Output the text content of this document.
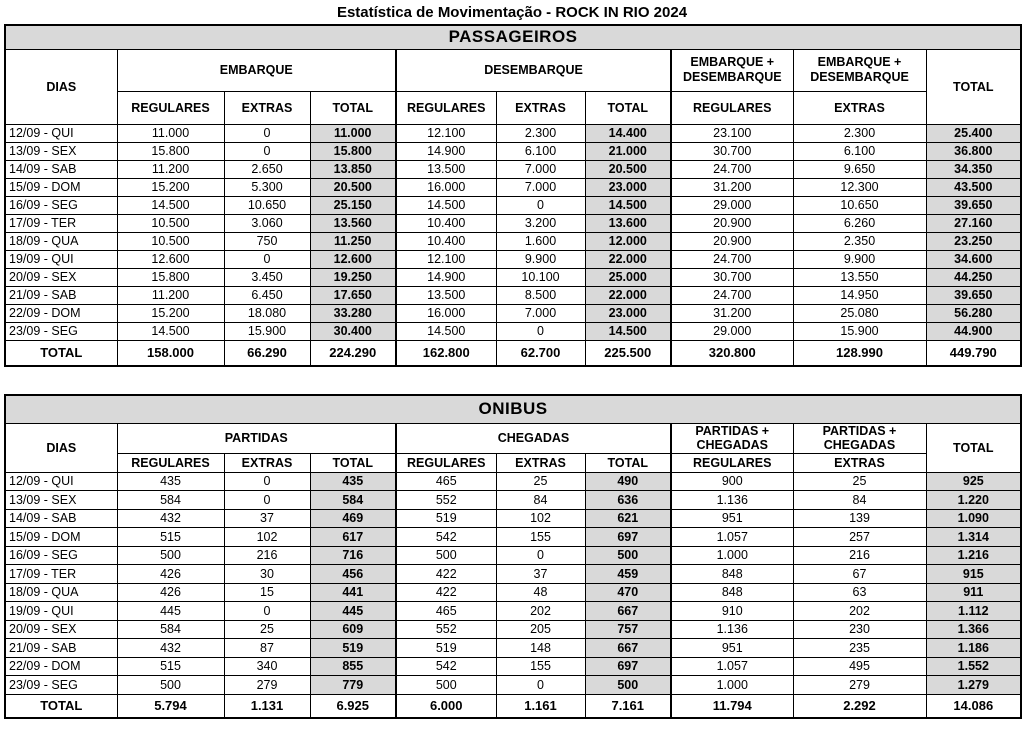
Estatística de Movimentação - ROCK IN RIO 2024
PASSAGEIROS									
DIAS	EMBARQUE			DESEMBARQUE			EMBARQUE + DESEMBARQUE	EMBARQUE + DESEMBARQUE	TOTAL
	REGULARES	EXTRAS	TOTAL	REGULARES	EXTRAS	TOTAL	REGULARES	EXTRAS	
12/09 - QUI	11.000	0	11.000	12.100	2.300	14.400	23.100	2.300	25.400
13/09 - SEX	15.800	0	15.800	14.900	6.100	21.000	30.700	6.100	36.800
14/09 - SAB	11.200	2.650	13.850	13.500	7.000	20.500	24.700	9.650	34.350
15/09 - DOM	15.200	5.300	20.500	16.000	7.000	23.000	31.200	12.300	43.500
16/09 - SEG	14.500	10.650	25.150	14.500	0	14.500	29.000	10.650	39.650
17/09 - TER	10.500	3.060	13.560	10.400	3.200	13.600	20.900	6.260	27.160
18/09 - QUA	10.500	750	11.250	10.400	1.600	12.000	20.900	2.350	23.250
19/09 - QUI	12.600	0	12.600	12.100	9.900	22.000	24.700	9.900	34.600
20/09 - SEX	15.800	3.450	19.250	14.900	10.100	25.000	30.700	13.550	44.250
21/09 - SAB	11.200	6.450	17.650	13.500	8.500	22.000	24.700	14.950	39.650
22/09 - DOM	15.200	18.080	33.280	16.000	7.000	23.000	31.200	25.080	56.280
23/09 - SEG	14.500	15.900	30.400	14.500	0	14.500	29.000	15.900	44.900
TOTAL	158.000	66.290	224.290	162.800	62.700	225.500	320.800	128.990	449.790
ONIBUS									
DIAS	PARTIDAS			CHEGADAS			PARTIDAS + CHEGADAS	PARTIDAS + CHEGADAS	TOTAL
	REGULARES	EXTRAS	TOTAL	REGULARES	EXTRAS	TOTAL	REGULARES	EXTRAS	
12/09 - QUI	435	0	435	465	25	490	900	25	925
13/09 - SEX	584	0	584	552	84	636	1.136	84	1.220
14/09 - SAB	432	37	469	519	102	621	951	139	1.090
15/09 - DOM	515	102	617	542	155	697	1.057	257	1.314
16/09 - SEG	500	216	716	500	0	500	1.000	216	1.216
17/09 - TER	426	30	456	422	37	459	848	67	915
18/09 - QUA	426	15	441	422	48	470	848	63	911
19/09 - QUI	445	0	445	465	202	667	910	202	1.112
20/09 - SEX	584	25	609	552	205	757	1.136	230	1.366
21/09 - SAB	432	87	519	519	148	667	951	235	1.186
22/09 - DOM	515	340	855	542	155	697	1.057	495	1.552
23/09 - SEG	500	279	779	500	0	500	1.000	279	1.279
TOTAL	5.794	1.131	6.925	6.000	1.161	7.161	11.794	2.292	14.086
